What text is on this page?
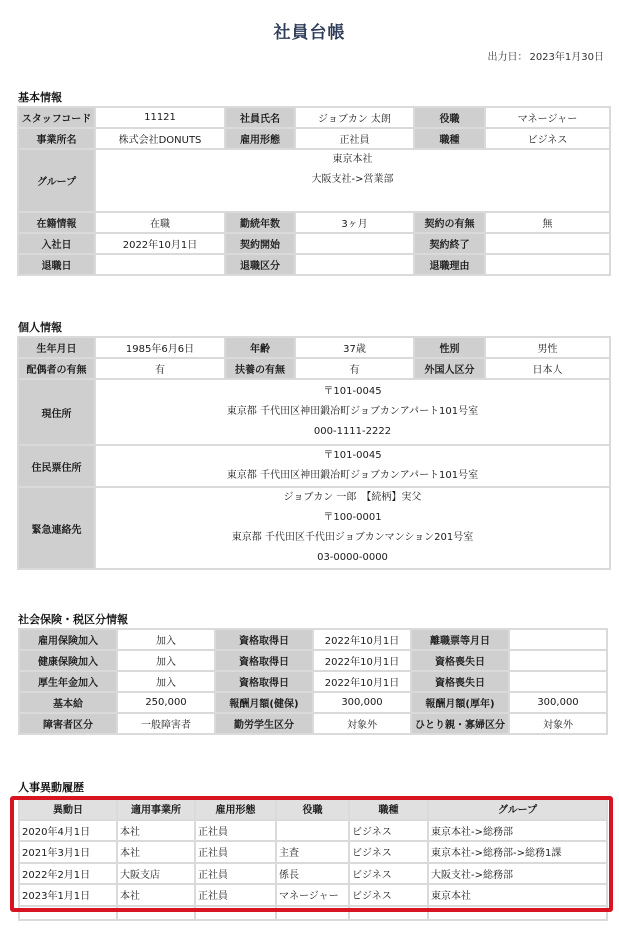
社員台帳
出力日： 2023年1月30日
基本情報
スタッフコード	11121	社員氏名	ジョブカン 太朗	役職	マネージャー
事業所名	株式会社DONUTS	雇用形態	正社員	職種	ビジネス
グループ	東京本社
大阪支社->営業部				

在籍情報	在職	勤続年数	3ヶ月	契約の有無	無
入社日	2022年10月1日	契約開始		契約終了	
退職日		退職区分		退職理由	
個人情報
生年月日	1985年6月6日	年齢	37歳	性別	男性
配偶者の有無	有	扶養の有無	有	外国人区分	日本人
現住所	〒101-0045
東京都 千代田区神田鍛冶町ジョブカンアパート101号室
000-1111-2222				

住民票住所	〒101-0045
東京都 千代田区神田鍛冶町ジョブカンアパート101号室				

緊急連絡先	ジョブカン 一郎　【続柄】実父
〒100-0001
東京都 千代田区千代田ジョブカンマンション201号室
03-0000-0000				
社会保険・税区分情報
雇用保険加入	加入	資格取得日	2022年10月1日	離職票等月日	
健康保険加入	加入	資格取得日	2022年10月1日	資格喪失日	
厚生年金加入	加入	資格取得日	2022年10月1日	資格喪失日	
基本給	250,000	報酬月額(健保)	300,000	報酬月額(厚年)	300,000
障害者区分	一般障害者	勤労学生区分	対象外	ひとり親・寡婦区分	対象外
人事異動履歴
異動日	適用事業所	雇用形態	役職	職種	グループ
2020年4月1日	本社	正社員		ビジネス	東京本社->総務部
2021年3月1日	本社	正社員	主査	ビジネス	東京本社->総務部->総務1課
2022年2月1日	大阪支店	正社員	係長	ビジネス	大阪支社->総務部
2023年1月1日	本社	正社員	マネージャー	ビジネス	東京本社
